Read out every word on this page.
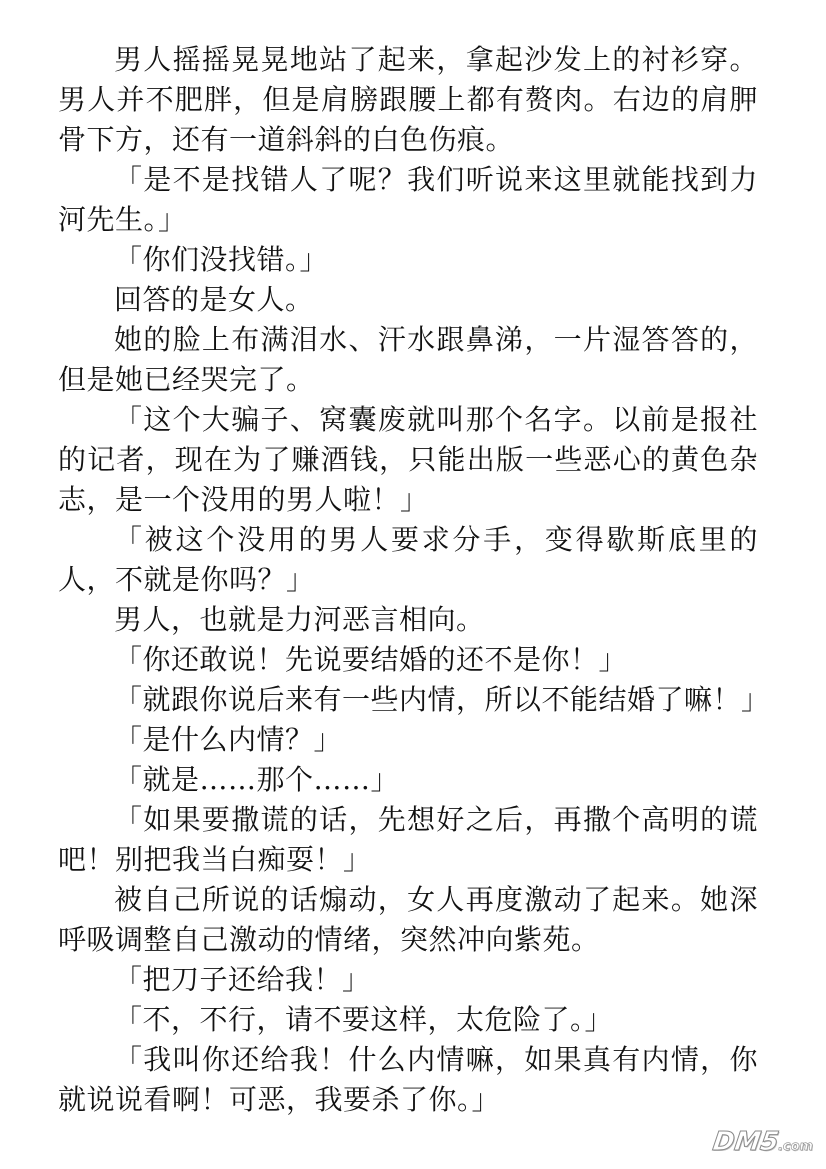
男人摇摇晃晃地站了起来，拿起沙发上的衬衫穿。男人并不肥胖，但是肩膀跟腰上都有赘肉。右边的肩胛骨下方，还有一道斜斜的白色伤痕。

「是不是找错人了呢？我们听说来这里就能找到力河先生。」

「你们没找错。」

回答的是女人。

她的脸上布满泪水、汗水跟鼻涕，一片湿答答的，但是她已经哭完了。

「这个大骗子、窝囊废就叫那个名字。以前是报社的记者，现在为了赚酒钱，只能出版一些恶心的黄色杂志，是一个没用的男人啦！」

「被这个没用的男人要求分手，变得歇斯底里的人，不就是你吗？」

男人，也就是力河恶言相向。

「你还敢说！先说要结婚的还不是你！」

「就跟你说后来有一些内情，所以不能结婚了嘛！」

「是什么内情？」

「就是……那个……」

「如果要撒谎的话，先想好之后，再撒个高明的谎吧！别把我当白痴耍！」

被自己所说的话煽动，女人再度激动了起来。她深呼吸调整自己激动的情绪，突然冲向紫苑。

「把刀子还给我！」

「不，不行，请不要这样，太危险了。」

「我叫你还给我！什么内情嘛，如果真有内情，你就说说看啊！可恶，我要杀了你。」

DM5.com
